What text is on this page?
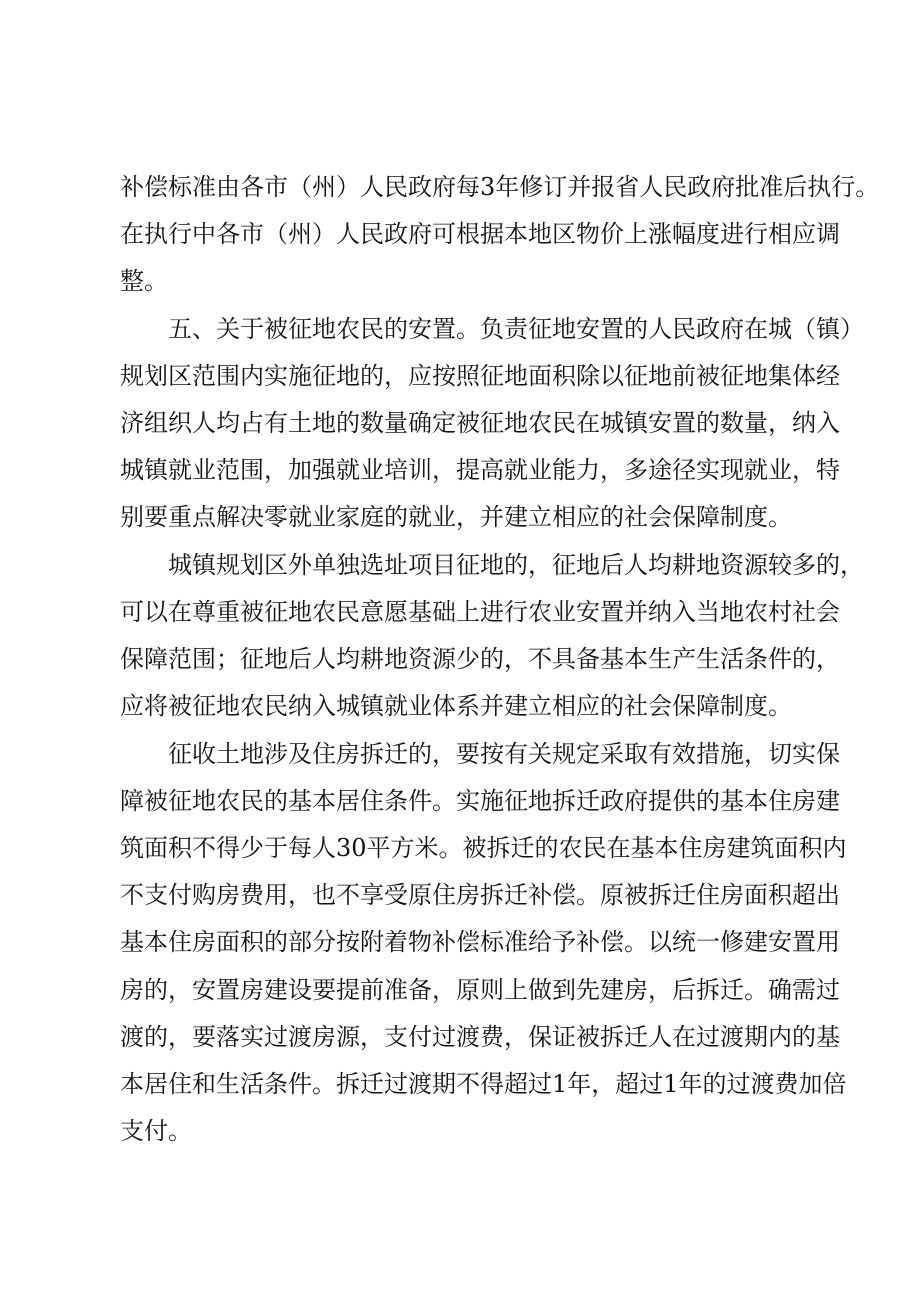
补偿标准由各市（州）人民政府每3年修订并报省人民政府批准后执行。
在执行中各市（州）人民政府可根据本地区物价上涨幅度进行相应调
整。
　　五、关于被征地农民的安置。负责征地安置的人民政府在城（镇）
规划区范围内实施征地的，应按照征地面积除以征地前被征地集体经
济组织人均占有土地的数量确定被征地农民在城镇安置的数量，纳入
城镇就业范围，加强就业培训，提高就业能力，多途径实现就业，特
别要重点解决零就业家庭的就业，并建立相应的社会保障制度。
　　城镇规划区外单独选址项目征地的，征地后人均耕地资源较多的，
可以在尊重被征地农民意愿基础上进行农业安置并纳入当地农村社会
保障范围；征地后人均耕地资源少的，不具备基本生产生活条件的，
应将被征地农民纳入城镇就业体系并建立相应的社会保障制度。
　　征收土地涉及住房拆迁的，要按有关规定采取有效措施，切实保
障被征地农民的基本居住条件。实施征地拆迁政府提供的基本住房建
筑面积不得少于每人30平方米。被拆迁的农民在基本住房建筑面积内
不支付购房费用，也不享受原住房拆迁补偿。原被拆迁住房面积超出
基本住房面积的部分按附着物补偿标准给予补偿。以统一修建安置用
房的，安置房建设要提前准备，原则上做到先建房，后拆迁。确需过
渡的，要落实过渡房源，支付过渡费，保证被拆迁人在过渡期内的基
本居住和生活条件。拆迁过渡期不得超过1年，超过1年的过渡费加倍
支付。
